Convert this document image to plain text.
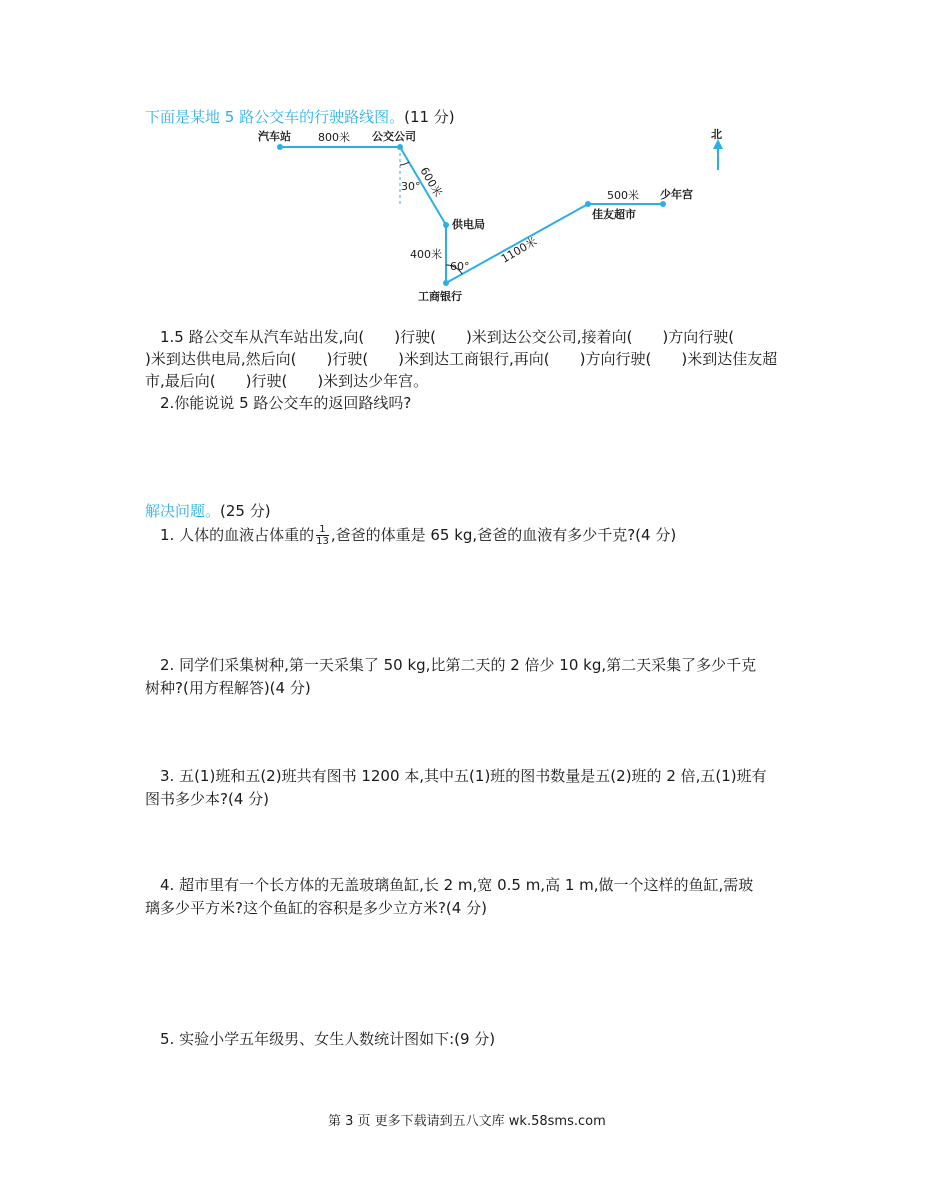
下面是某地 5 路公交车的行驶路线图。(11 分)
汽车站	公交公司
供电局
工商银行
佳友超市
少年宫
北
800米
600米
400米	1100米
500米
30°
60°
1.5 路公交车从汽车站出发,向(　　)行驶(　　)米到达公交公司,接着向(　　)方向行驶(
)米到达供电局,然后向(　　)行驶(　　)米到达工商银行,再向(　　)方向行驶(　　)米到达佳友超
市,最后向(　　)行驶(　　)米到达少年宫。
2.你能说说 5 路公交车的返回路线吗?
解决问题。(25 分)
1. 人体的血液占体重的 $\frac{1}{13}$ ,爸爸的体重是 65 kg,爸爸的血液有多少千克?(4 分)
2. 同学们采集树种,第一天采集了 50 kg,比第二天的 2 倍少 10 kg,第二天采集了多少千克
树种?(用方程解答)(4 分)
3. 五(1)班和五(2)班共有图书 1200 本,其中五(1)班的图书数量是五(2)班的 2 倍,五(1)班有
图书多少本?(4 分)
4. 超市里有一个长方体的无盖玻璃鱼缸,长 2 m,宽 0.5 m,高 1 m,做一个这样的鱼缸,需玻
璃多少平方米?这个鱼缸的容积是多少立方米?(4 分)
5. 实验小学五年级男、女生人数统计图如下:(9 分)
第 3 页 更多下载请到五八文库 wk.58sms.com
